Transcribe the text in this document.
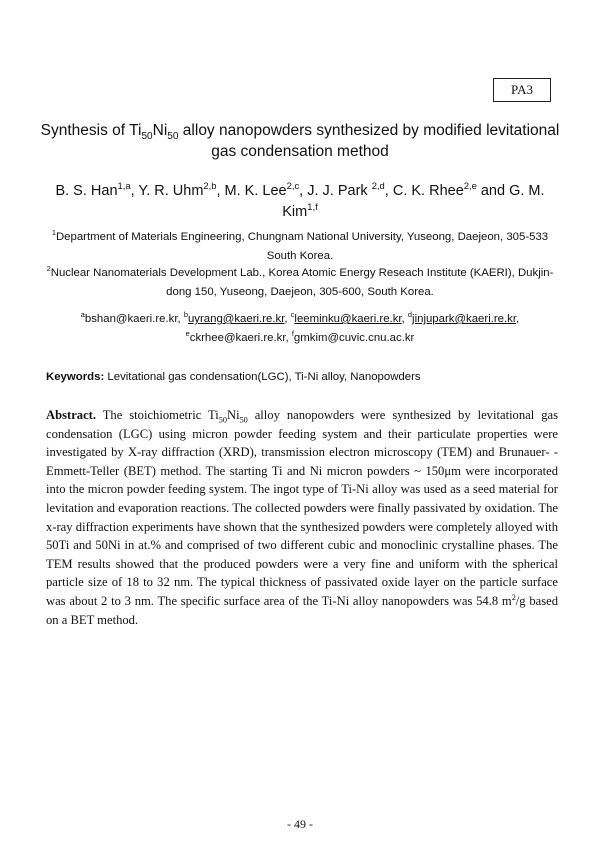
PA3
Synthesis of $Ti_{50}Ni_{50}$ alloy nanopowders synthesized by modified levitational gas condensation method
B. S. Han$^{1,a}$, Y. R. Uhm$^{2,b}$, M. K. Lee$^{2,c}$, J. J. Park $^{2,d}$, C. K. Rhee$^{2,e}$ and G. M. Kim$^{1,f}$
$^1$Department of Materials Engineering, Chungnam National University, Yuseong, Daejeon, 305-533 South Korea.
$^2$Nuclear Nanomaterials Development Lab., Korea Atomic Energy Reseach Institute (KAERI), Dukjin-dong 150, Yuseong, Daejeon, 305-600, South Korea.
$^a$bshan@kaeri.re.kr, $^b$uyrang@kaeri.re.kr, $^c$leeminku@kaeri.re.kr, $^d$jinjupark@kaeri.re.kr,
$^e$ckrhee@kaeri.re.kr, $^f$gmkim@cuvic.cnu.ac.kr
Keywords: Levitational gas condensation(LGC), Ti-Ni alloy, Nanopowders
Abstract. The stoichiometric $Ti_{50}Ni_{50}$ alloy nanopowders were synthesized by levitational gas condensation (LGC) using micron powder feeding system and their particulate properties were investigated by X-ray diffraction (XRD), transmission electron microscopy (TEM) and Brunauer- -Emmett-Teller (BET) method. The starting Ti and Ni micron powders ~ 150μm were incorporated into the micron powder feeding system. The ingot type of Ti-Ni alloy was used as a seed material for levitation and evaporation reactions. The collected powders were finally passivated by oxidation. The x-ray diffraction experiments have shown that the synthesized powders were completely alloyed with 50Ti and 50Ni in at.% and comprised of two different cubic and monoclinic crystalline phases. The TEM results showed that the produced powders were a very fine and uniform with the spherical particle size of 18 to 32 nm. The typical thickness of passivated oxide layer on the particle surface was about 2 to 3 nm. The specific surface area of the Ti-Ni alloy nanopowders was 54.8 $m^2/g$ based on a BET method.
- 49 -
